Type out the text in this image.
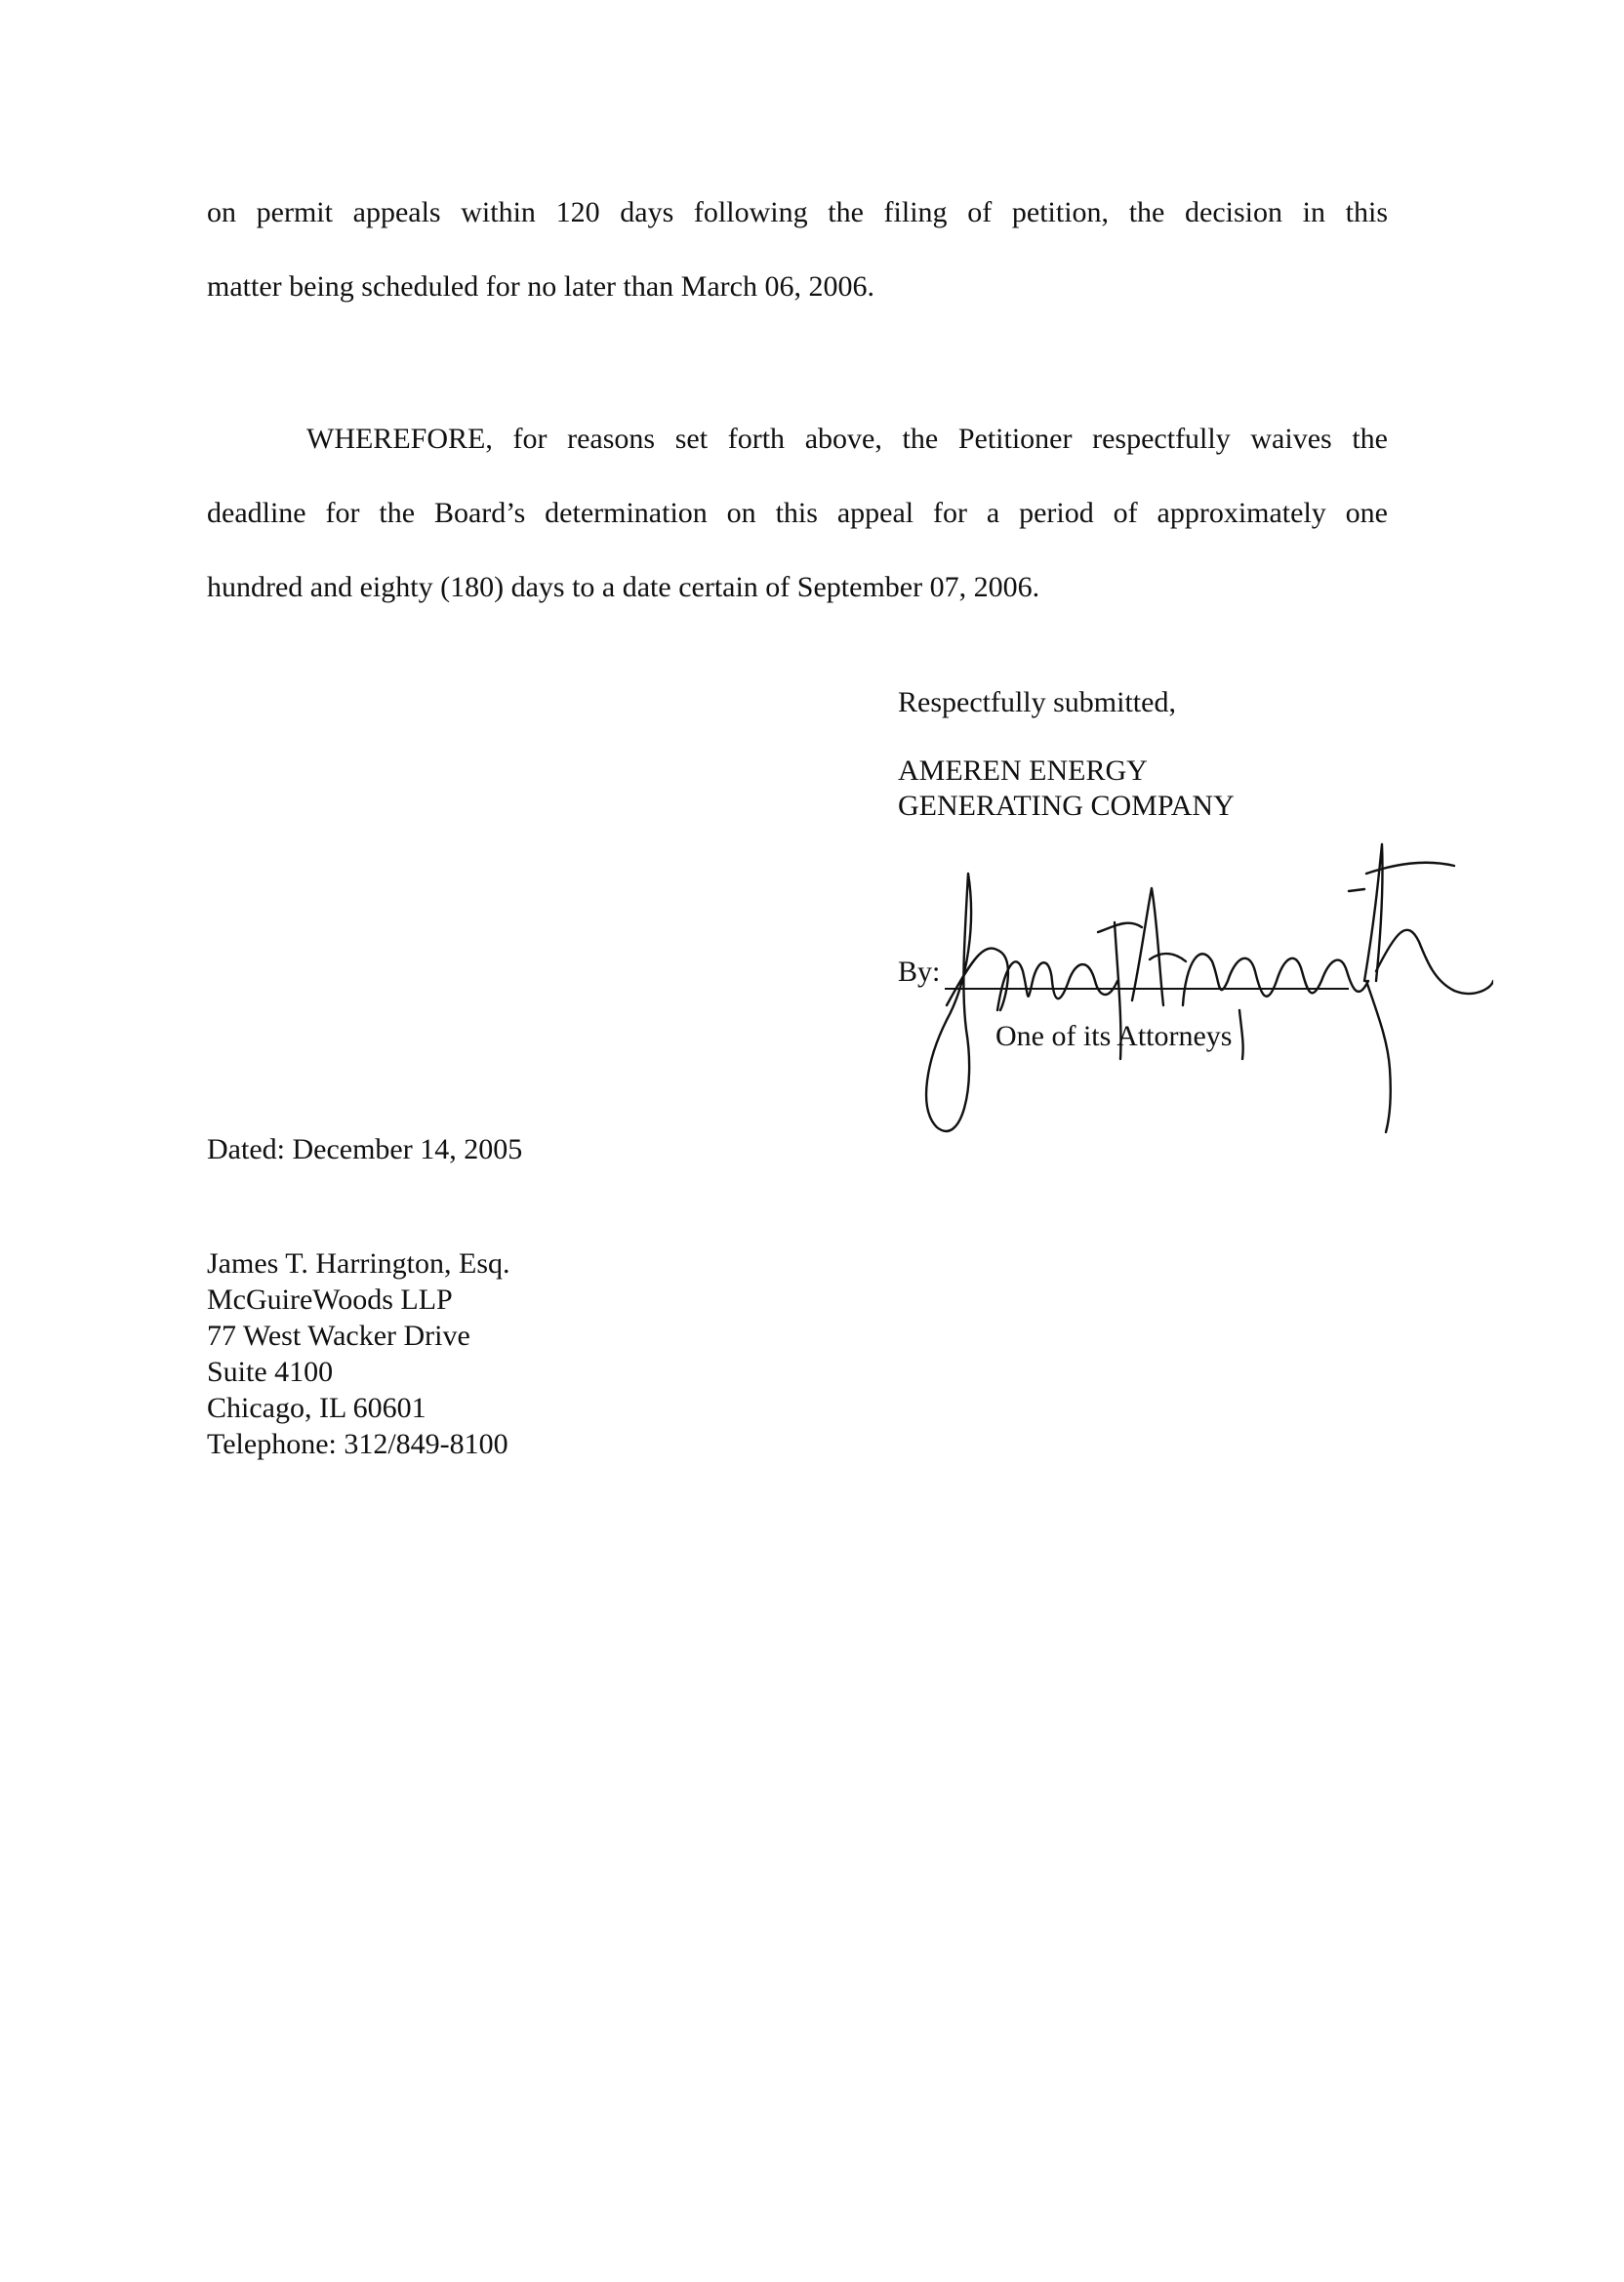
on permit appeals within 120 days following the filing of petition, the decision in this
matter being scheduled for no later than March 06, 2006.

WHEREFORE, for reasons set forth above, the Petitioner respectfully waives the
deadline for the Board’s determination on this appeal for a period of approximately one
hundred and eighty (180) days to a date certain of September 07, 2006.

Respectfully submitted,
AMEREN ENERGY
GENERATING COMPANY
By:
One of its Attorneys
Dated: December 14, 2005
James T. Harrington, Esq.
McGuireWoods LLP
77 West Wacker Drive
Suite 4100
Chicago, IL 60601
Telephone: 312/849-8100
